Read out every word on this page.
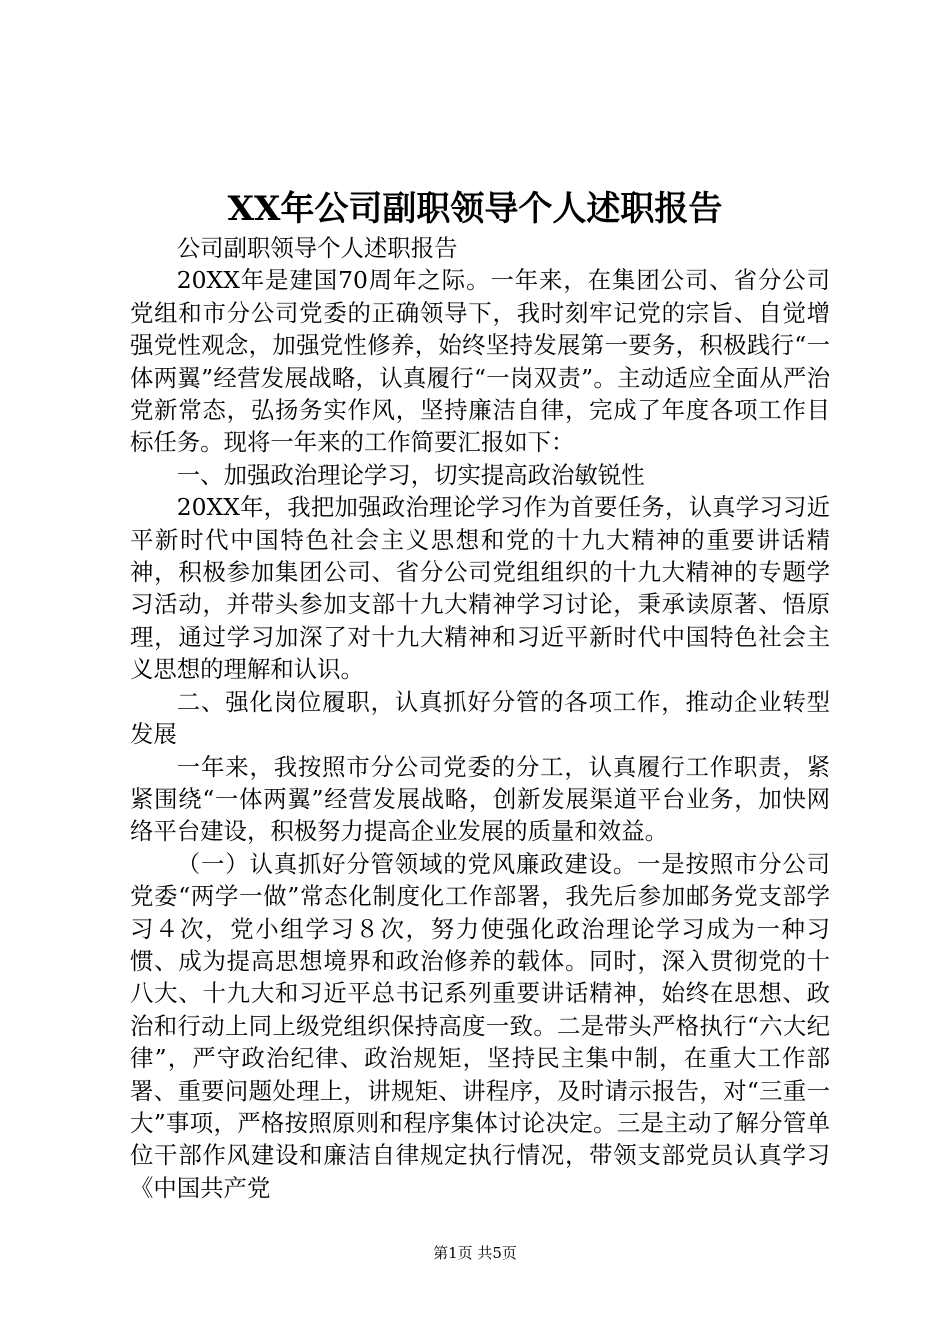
XX年公司副职领导个人述职报告

公司副职领导个人述职报告

20XX年是建国70周年之际。一年来，在集团公司、省分公司党组和市分公司党委的正确领导下，我时刻牢记党的宗旨、自觉增强党性观念，加强党性修养，始终坚持发展第一要务，积极践行“一体两翼”经营发展战略，认真履行“一岗双责”。主动适应全面从严治党新常态，弘扬务实作风，坚持廉洁自律，完成了年度各项工作目标任务。现将一年来的工作简要汇报如下：

一、加强政治理论学习，切实提高政治敏锐性

20XX年，我把加强政治理论学习作为首要任务，认真学习习近平新时代中国特色社会主义思想和党的十九大精神的重要讲话精神，积极参加集团公司、省分公司党组组织的十九大精神的专题学习活动，并带头参加支部十九大精神学习讨论，秉承读原著、悟原理，通过学习加深了对十九大精神和习近平新时代中国特色社会主义思想的理解和认识。

二、强化岗位履职，认真抓好分管的各项工作，推动企业转型发展

一年来，我按照市分公司党委的分工，认真履行工作职责，紧紧围绕“一体两翼”经营发展战略，创新发展渠道平台业务，加快网络平台建设，积极努力提高企业发展的质量和效益。

（一）认真抓好分管领域的党风廉政建设。一是按照市分公司党委“两学一做”常态化制度化工作部署，我先后参加邮务党支部学习４次，党小组学习８次，努力使强化政治理论学习成为一种习惯、成为提高思想境界和政治修养的载体。同时，深入贯彻党的十八大、十九大和习近平总书记系列重要讲话精神，始终在思想、政治和行动上同上级党组织保持高度一致。二是带头严格执行“六大纪律”，严守政治纪律、政治规矩，坚持民主集中制，在重大工作部署、重要问题处理上，讲规矩、讲程序，及时请示报告，对“三重一大”事项，严格按照原则和程序集体讨论决定。三是主动了解分管单位干部作风建设和廉洁自律规定执行情况，带领支部党员认真学习《中国共产党

第1页 共5页
